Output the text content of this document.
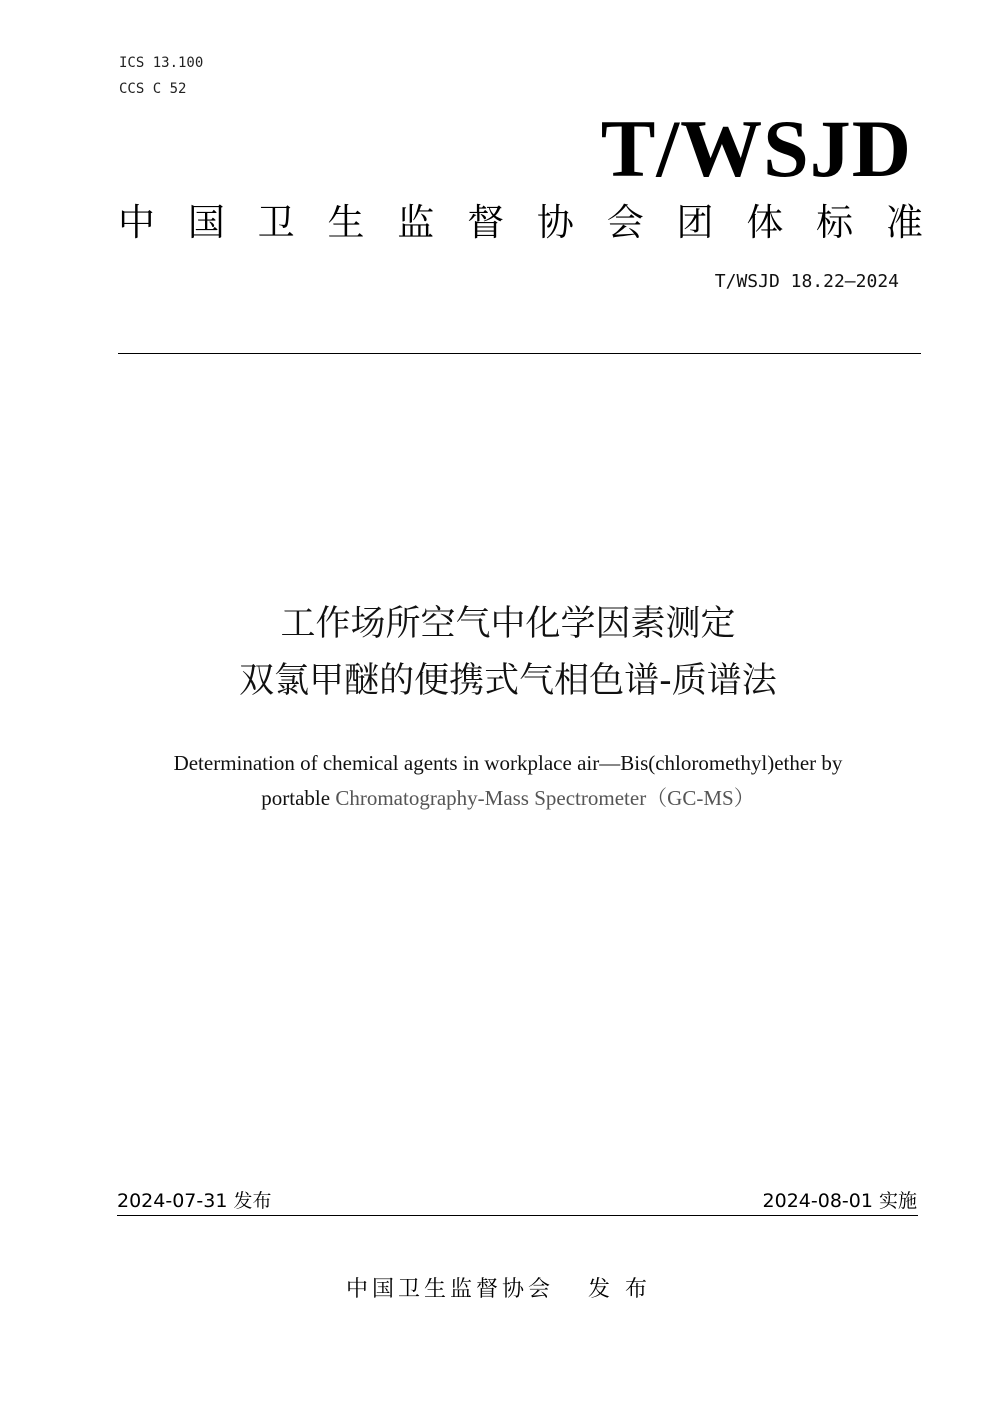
ICS 13.100
CCS C 52
T/WSJD
中 国 卫 生 监 督 协 会 团 体 标 准
T/WSJD 18.22—2024
工作场所空气中化学因素测定
双氯甲醚的便携式气相色谱-质谱法
Determination of chemical agents in workplace air—Bis(chloromethyl)ether by
portable Chromatography-Mass Spectrometer（GC-MS）
2024-07-31 发布	2024-08-01 实施
中国卫生监督协会 发 布
